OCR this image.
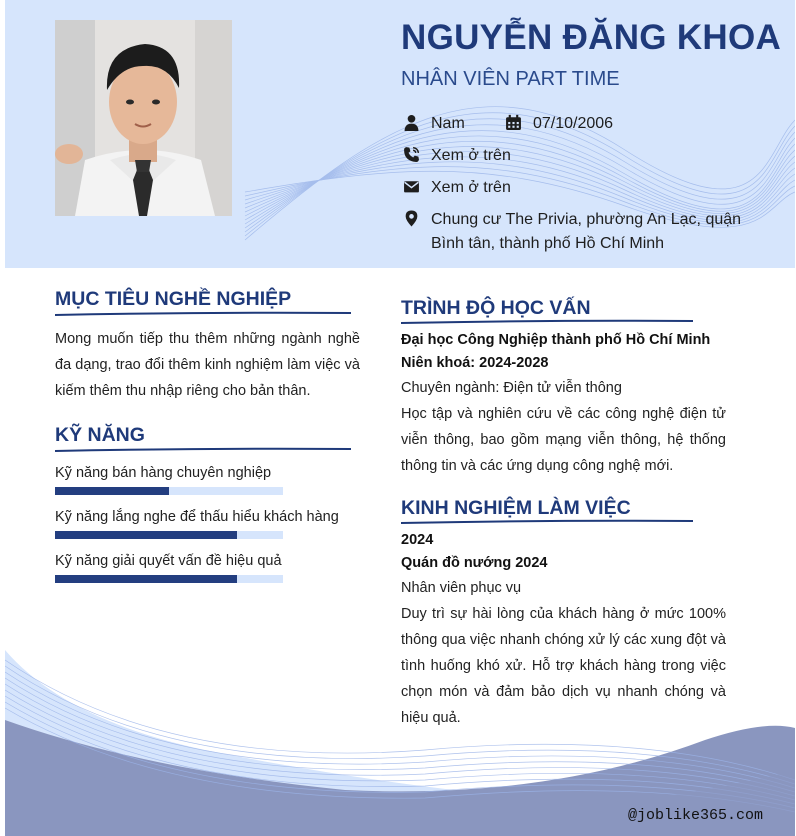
NGUYỄN ĐĂNG KHOA
NHÂN VIÊN PART TIME
Nam	07/10/2006
Xem ở trên
Xem ở trên
Chung cư The Privia, phường An Lạc, quận Bình tân, thành phố Hồ Chí Minh
MỤC TIÊU NGHỀ NGHIỆP
Mong muốn tiếp thu thêm những ngành nghề đa dạng, trao đổi thêm kinh nghiệm làm việc và kiếm thêm thu nhập riêng cho bản thân.
KỸ NĂNG
Kỹ năng bán hàng chuyên nghiệp
Kỹ năng lắng nghe để thấu hiểu khách hàng
Kỹ năng giải quyết vấn đề hiệu quả
TRÌNH ĐỘ HỌC VẤN
Đại học Công Nghiệp thành phố Hồ Chí Minh
Niên khoá: 2024-2028
Chuyên ngành: Điện tử viễn thông
Học tập và nghiên cứu về các công nghệ điện tử viễn thông, bao gồm mạng viễn thông, hệ thống thông tin và các ứng dụng công nghệ mới.
KINH NGHIỆM LÀM VIỆC
2024
Quán đồ nướng 2024
Nhân viên phục vụ
Duy trì sự hài lòng của khách hàng ở mức 100% thông qua việc nhanh chóng xử lý các xung đột và tình huống khó xử. Hỗ trợ khách hàng trong việc chọn món và đảm bảo dịch vụ nhanh chóng và hiệu quả.
@joblike365.com
